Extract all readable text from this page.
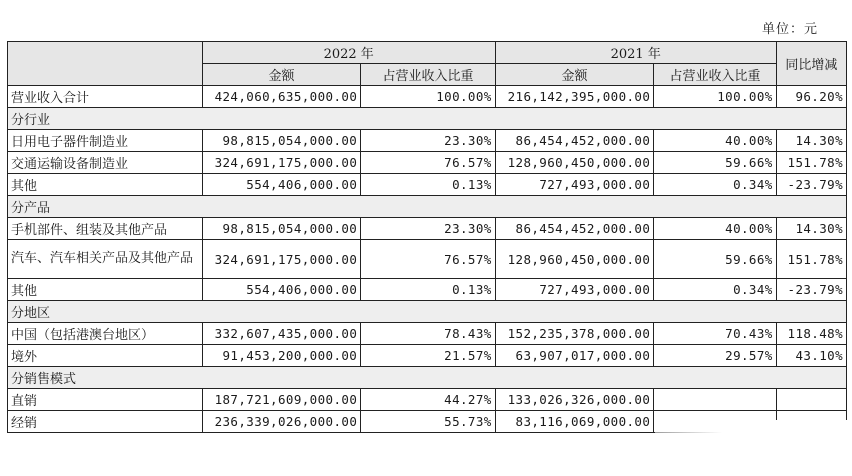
单位：元
	2022 年		2021 年		同比增减
	金额	占营业收入比重	金额	占营业收入比重	
营业收入合计	424,060,635,000.00	100.00%	216,142,395,000.00	100.00%	96.20%
分行业					
日用电子器件制造业	98,815,054,000.00	23.30%	86,454,452,000.00	40.00%	14.30%
交通运输设备制造业	324,691,175,000.00	76.57%	128,960,450,000.00	59.66%	151.78%
其他	554,406,000.00	0.13%	727,493,000.00	0.34%	-23.79%
分产品					
手机部件、组装及其他产品	98,815,054,000.00	23.30%	86,454,452,000.00	40.00%	14.30%
汽车、汽车相关产品及其他产品	324,691,175,000.00	76.57%	128,960,450,000.00	59.66%	151.78%
其他	554,406,000.00	0.13%	727,493,000.00	0.34%	-23.79%
分地区					
中国（包括港澳台地区）	332,607,435,000.00	78.43%	152,235,378,000.00	70.43%	118.48%
境外	91,453,200,000.00	21.57%	63,907,017,000.00	29.57%	43.10%
分销售模式					
直销	187,721,609,000.00	44.27%	133,026,326,000.00		
经销	236,339,026,000.00	55.73%	83,116,069,000.00		
